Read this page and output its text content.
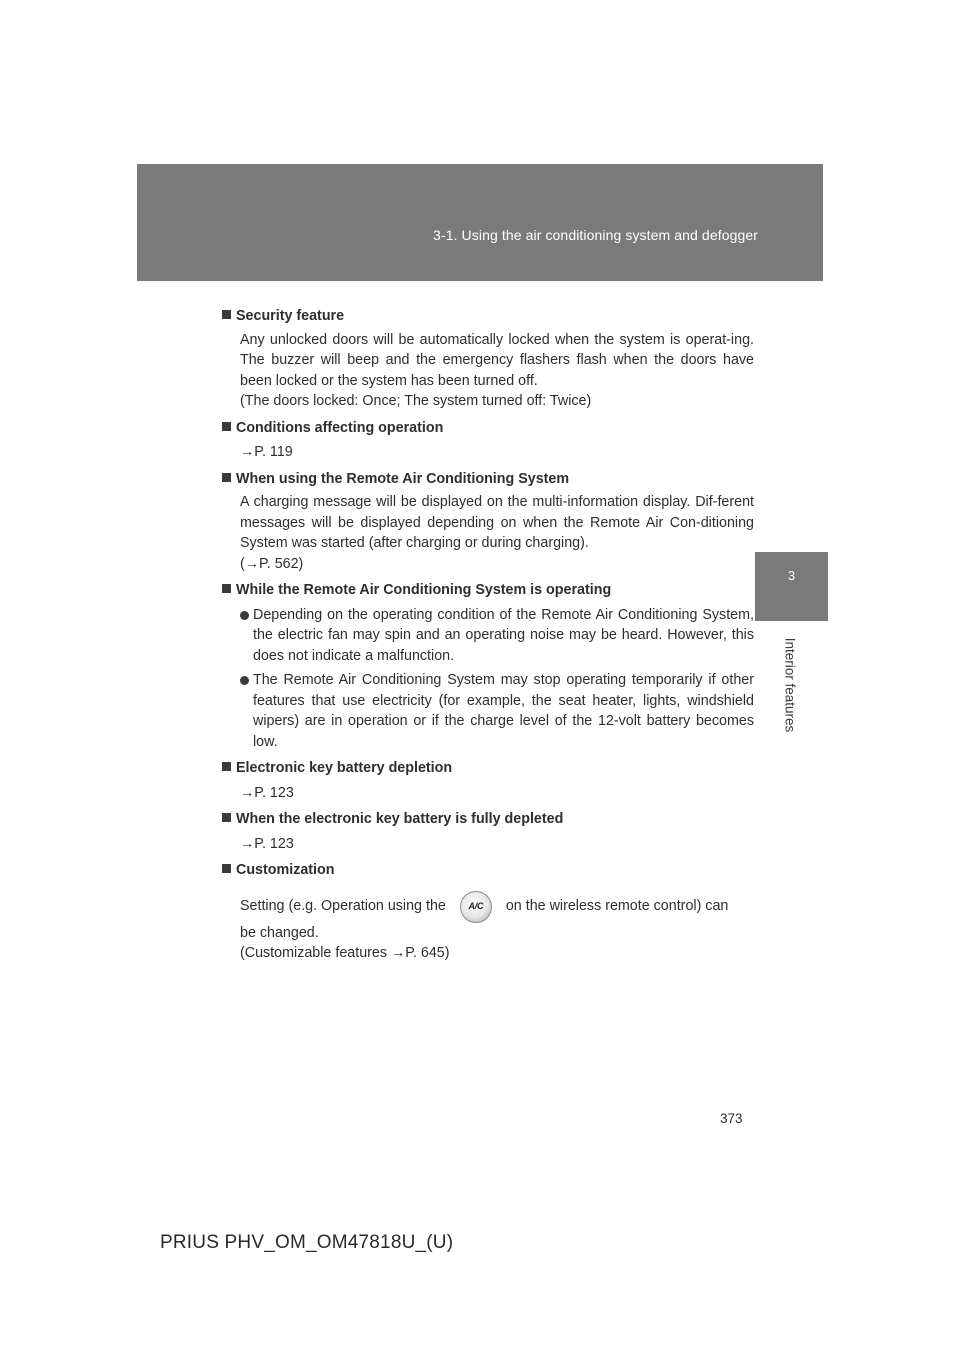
3-1. Using the air conditioning system and defogger
3
Interior features
Security feature
Any unlocked doors will be automatically locked when the system is operat-ing. The buzzer will beep and the emergency flashers flash when the doors have been locked or the system has been turned off.
(The doors locked: Once; The system turned off: Twice)
Conditions affecting operation
→P. 119
When using the Remote Air Conditioning System
A charging message will be displayed on the multi-information display. Dif-ferent messages will be displayed depending on when the Remote Air Con-ditioning System was started (after charging or during charging).
(→P. 562)
While the Remote Air Conditioning System is operating
Depending on the operating condition of the Remote Air Conditioning System, the electric fan may spin and an operating noise may be heard. However, this does not indicate a malfunction.
The Remote Air Conditioning System may stop operating temporarily if other features that use electricity (for example, the seat heater, lights, windshield wipers) are in operation or if the charge level of the 12-volt battery becomes low.
Electronic key battery depletion
→P. 123
When the electronic key battery is fully depleted
→P. 123
Customization
Setting (e.g. Operation using the	A/C	on the wireless remote control) can
be changed.
(Customizable features →P. 645)
373
PRIUS PHV_OM_OM47818U_(U)
